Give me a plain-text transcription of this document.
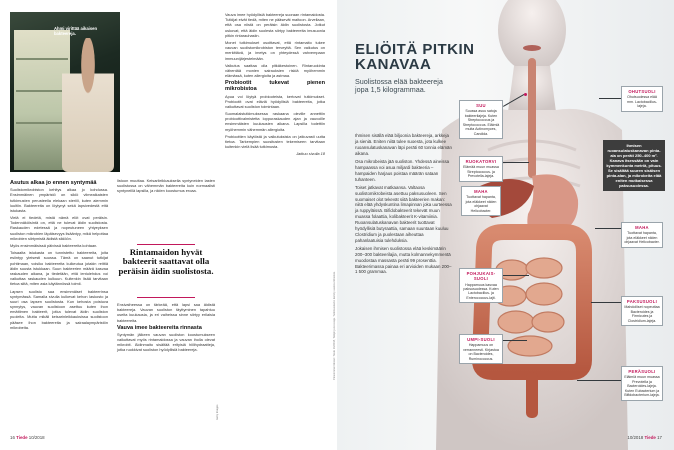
Ahmi virittää aikaisen bakteereja.
Asutus alkaa jo ennen syntymää

Suolistomikrobiston kehitys alkaa jo kohdussa. Ensimmäinen ympäristö on sikiö viimeaikaisten tutkimusten perusteella elekaan steriili, kuten aiemmin luultiin. Bakteereita on löytynyt sekä lapsivedestä että istukasta.

Vielä ei tiedetä, mistä nämä elöt ovat peräisin. Todennäköisintä on, että ne tulevat äidin suolistosta. Raskauden edetessä ja nopeutuneen yhtyeyksen suoliston mikrobien läpäisevyys lisääntyy, mikä helpottaa mikrobien siirtymistä äidistä sikiöön.

Myös ensimmäisissä päivissä bakteereita kohtaan.

Toisaalta istukasta on tunnistettu bakteereita, joita esiintyy yleisesti suussa. Tämä on saanut tutkijat pohtimaan, voisiko bakteereita kulkeutua jotakin reittiä äidin suusta istukkaan. Suun bakteerien määrä kasvaa raskauden aikana, ja tiedetään, että ientulehdus voi vaikuttaa raskauden kulkuun. Kuitenkin lisää tarvitaan tietoa siitä, miten asia käytännössä toimii.

Lapsen suolisto saa ensimmäiset bakteerinsa syntymässä. Samalla sivulla kulkevat kehon laskosto ja suuri osa lapsen suolistosta. Kun kehosta poistuva synnytys, vauvan suolistoon asettuu kuten ihon emättimen bakteerit, jotka tulevat äidin suoliston puolelta. Mutta mikäli keisarinleikkauksissa suolistoon pääsee ihon bakteereita ja sairaalaympäristön mikrobeita.

listoon muuttaa. Keisarileikkauksella syntyneiden lasten suolistossa on vähemmän bakteereita kuin normaalisti syntyneillä lapsilla, ja niiden koostumus eroaa.

Rintamaidon hyvät bakteerit saattavat olla peräisin äidin suolistosta.

Ensivaiheessa on tärkeää, että lapsi saa äidistä bakteereja. Vauvan suoliston täyttyminen tapahtuu useita kuukausia, ja eri vaiheissa sinne siirtyy erilaisia bakteereita.

Vauva imee bakteereita rinnasta

Syntymän jälkeen vauvan suoliston koostumukseen vaikuttavat myös rintamaidossa ja vauvan iholla olevat mikrobit. Äidinmaito sisältää erityisiä hiilihydraatteja, jotka ruokkivat suoliston hyödyllisiä bakteereja.

Vauva imee hyödyllisiä bakteereja suoraan rintamaidosta. Tutkijat eivät tiedä, miten ne pääsevät maitoon. Arvellaan, että osa niistä on peräisin äidin suolistosta. Jotkut uskovat, että äidin suolesta siirtyy bakteereita imusuonia pitkin rintarauhasiin.

Monet tutkimukset osoittavat, että rintamaito tukee vauvan suolistomikrobiston terveyttä. Sen vaikutus on merkittävä, ja imetys on yhteydessä vahvempaan immuunijärjestelmään.

Vaikutus saattaa olla pitkäkestoinen. Rintaruokinta vähentää monien sairauksien riskiä myöhemmin elämässä, kuten allergioita ja astmaa.

Probiootit tukevat pienen mikrobistoa

Apua voi löytyä probiooteista, kertovat tutkimukset. Probiootit ovat eläviä hyödyllisiä bakteereita, jotka vaikuttavat suoliston toimintaan.

Suomalaistutkimuksessa raskaana oleville annettiin probioottivalmistetta loppuraskauden ajan ja vauvoille ensimmäisten kuukausien aikana. Lapsilla todettiin myöhemmin vähemmän allergioita.

Probioottien käytöstä ja vaikutuksista on jatkuvasti uutta tietoa. Tarkempien suositusten tekemiseen tarvitaan kuitenkin vielä lisää tutkimusta.

Jatkuu sivulla 18

Getty Images
Pätevimmät lähteet: Tiede 10/2018, Tekijät ja koostaja. Tutkimustiedot kerätty useista lähteistä.
16 Tiede 10/2018
ELIÖITÄ PITKIN KANAVAA
Suolistossa elää bakteereja jopa 1,5 kilogrammaa.

Ihmisen sisällä elää biljoonia bakteereja, arkkeja ja sieniä. Eniten niitä tulee suoesta, jota kulkee ruoansulatuskanavan läpi peräti 60 tonnia elämän aikana.

Osa mikrobeista jää suoliston. Yhdessä aineissa hampaassa voi asua miljardi bakteeria – hampaiden harjaus poistaa määrän sataan tuhanteen.

Toiset jatkavat matkaansa. Valtaosa suolistomikrobeista asettuu paksusuoleen. Sen suomaiset olot tekevät siitä bakteerien makan: niitä elää yhdyskuntina limapinnan joka uurteessa ja ruppyläissä. Bifidobakteerit tekevät muun muassa folaattia, kolibakteerit K-vitamiinia. Ruoansulatuskanavan bakteerit tuottavat hyödyllisiä butyraattia, samaan suuntaan kuuluu Clostridium ja puolestaan aiheuttaa pahanlaatuisia tulehduksia.

Jokaisen ihmisen suolistossa elää keskimäärin 200–300 bakteerilajia, mutta kolmannekymmentä muodostaa massasta peräti 99 prosenttia. Bakteerimassa painaa eri arvioiden mukaan 200–1 500 grammaa.

SUU
Suussa asuu satoja bakteerilajeja. Kuten Streptococcus ja Streptococcus. Eläimiä muita Actinomyces, Candida.
RUOKATORVI
Elämää muun muassa Streptococcus- ja Prevotella-lajeja.
MAHA
Tuottavat hapanta, jota eläkkeet niiden ohjaavat Helicobacter.
OHUTSUOLI
Ohutsuolessa elää mm. Lactobacillus-lajeja.
Ihmisen ruoansulatuskanavan pinta-ala on peräti 250–400 m². Kanava itsessään on vain kymmenkunta metriä, pituus. Se sisältää suuren sisäisen pinta-alan, ja mikrobeita elää eniten mutkaisessa paksusuolessa.
MAHA
Tuottavat hapanta, jota eläkkeet niiden ohjaavat Helicobacter.
POHJUKAIS-SUOLI
Happamuus kasvaa paksusuolessa. Kuten Lactobacillus- ja Enterococcus-lajit.
PAKSUSUOLI
Mahdolliset nopeuttaa Bacteroides ja Firmicutes ja Clostridium-lajeja.
UMPI-SUOLI
Happamuus on verranneesti. Kirjastoa on Bacteroides, Ruminococcus.
PERÄSUOLI
Eläimiä muun muassa Prevotella ja Bacteroides-lajeja. Kuten Eubacterium ja Bifidobacterium-lajeja.
10/2018 Tiede 17
